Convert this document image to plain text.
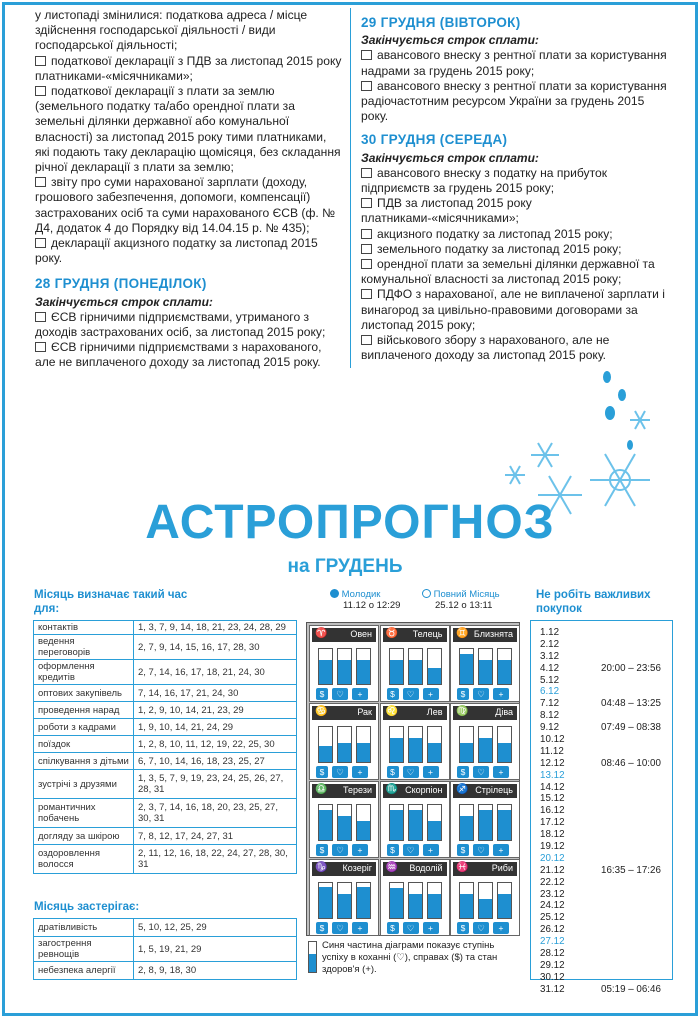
у листопаді змінилися: податкова адреса / місце здійснення господарської діяльності / види господарської діяльності;

податкової декларації з ПДВ за листопад 2015 року платниками-«місячниками»;

податкової декларації з плати за землю (земельного податку та/або орендної плати за земельні ділянки державної або комунальної власності) за листопад 2015 року тими платниками, які подають таку декларацію щомісяця, без складання річної декларації з плати за землю;

звіту про суми нарахованої зарплати (доходу, грошового забезпечення, допомоги, компенсації) застрахованих осіб та суми нарахованого ЄСВ (ф. № Д4, додаток 4 до Порядку від 14.04.15 р. № 435);

декларації акцизного податку за листопад 2015 року.

28 ГРУДНЯ (ПОНЕДІЛОК)
Закінчується строк сплати:

ЄСВ гірничими підприємствами, утриманого з доходів застрахованих осіб, за листопад 2015 року;

ЄСВ гірничими підприємствами з нарахованого, але не виплаченого доходу за листопад 2015 року.

29 ГРУДНЯ (ВІВТОРОК)
Закінчується строк сплати:

авансового внеску з рентної плати за користування надрами за грудень 2015 року;

авансового внеску з рентної плати за користування радіочастотним ресурсом України за грудень 2015 року.

30 ГРУДНЯ (СЕРЕДА)
Закінчується строк сплати:

авансового внеску з податку на прибуток підприємств за грудень 2015 року;

ПДВ за листопад 2015 року платниками-«місячниками»;

акцизного податку за листопад 2015 року;

земельного податку за листопад 2015 року;

орендної плати за земельні ділянки державної та комунальної власності за листопад 2015 року;

ПДФО з нарахованої, але не виплаченої зарплати і винагород за цивільно-правовими договорами за листопад 2015 року;

військового збору з нарахованого, але не виплаченого доходу за листопад 2015 року.

АСТРОПРОГНОЗ
на ГРУДЕНЬ
Місяць визначає такий час для:
контактів	1, 3, 7, 9, 14, 18, 21, 23, 24, 28, 29
ведення переговорів	2, 7, 9, 14, 15, 16, 17, 28, 30
оформлення кредитів	2, 7, 14, 16, 17, 18, 21, 24, 30
оптових закупівель	7, 14, 16, 17, 21, 24, 30
проведення нарад	1, 2, 9, 10, 14, 21, 23, 29
роботи з кадрами	1, 9, 10, 14, 21, 24, 29
поїздок	1, 2, 8, 10, 11, 12, 19, 22, 25, 30
спілкування з дітьми	6, 7, 10, 14, 16, 18, 23, 25, 27
зустрічі з друзями	1, 3, 5, 7, 9, 19, 23, 24, 25, 26, 27, 28, 31
романтичних побачень	2, 3, 7, 14, 16, 18, 20, 23, 25, 27, 30, 31
догляду за шкірою	7, 8, 12, 17, 24, 27, 31
оздоровлення волосся	2, 11, 12, 16, 18, 22, 24, 27, 28, 30, 31
Місяць застерігає:
дратівливість	5, 10, 12, 25, 29
загострення ревнощів	1, 5, 19, 21, 29
небезпека алергії	2, 8, 9, 18, 30
Молодик
11.12 о 12:29
Повний Місяць
25.12 о 13:11
♈	Овен
$	♡	+
♉ Телець
$	♡	+
♊ Близнята
$	♡	+
♋	Рак
$	♡	+
♌	Лев
$	♡	+
♍	Діва
$	♡	+
♎ Терези
$	♡	+
♏ Скорпіон
$	♡	+
♐ Стрілець
$	♡	+
♑ Козеріг
$	♡	+
♒ Водолій
$	♡	+
♓	Риби
$	♡	+
Синя частина діаграми показує ступінь успіху в коханні (♡), справах ($) та стан здоров'я (+).
Не робіть важливих покупок
1.12
2.12
3.12
4.12	20:00 – 23:56
5.12
6.12
7.12	04:48 – 13:25
8.12
9.12	07:49 – 08:38
10.12
11.12
12.12	08:46 – 10:00
13.12
14.12
15.12
16.12
17.12
18.12
19.12
20.12
21.12	16:35 – 17:26
22.12
23.12
24.12
25.12
26.12
27.12
28.12
29.12
30.12
31.12	05:19 – 06:46
